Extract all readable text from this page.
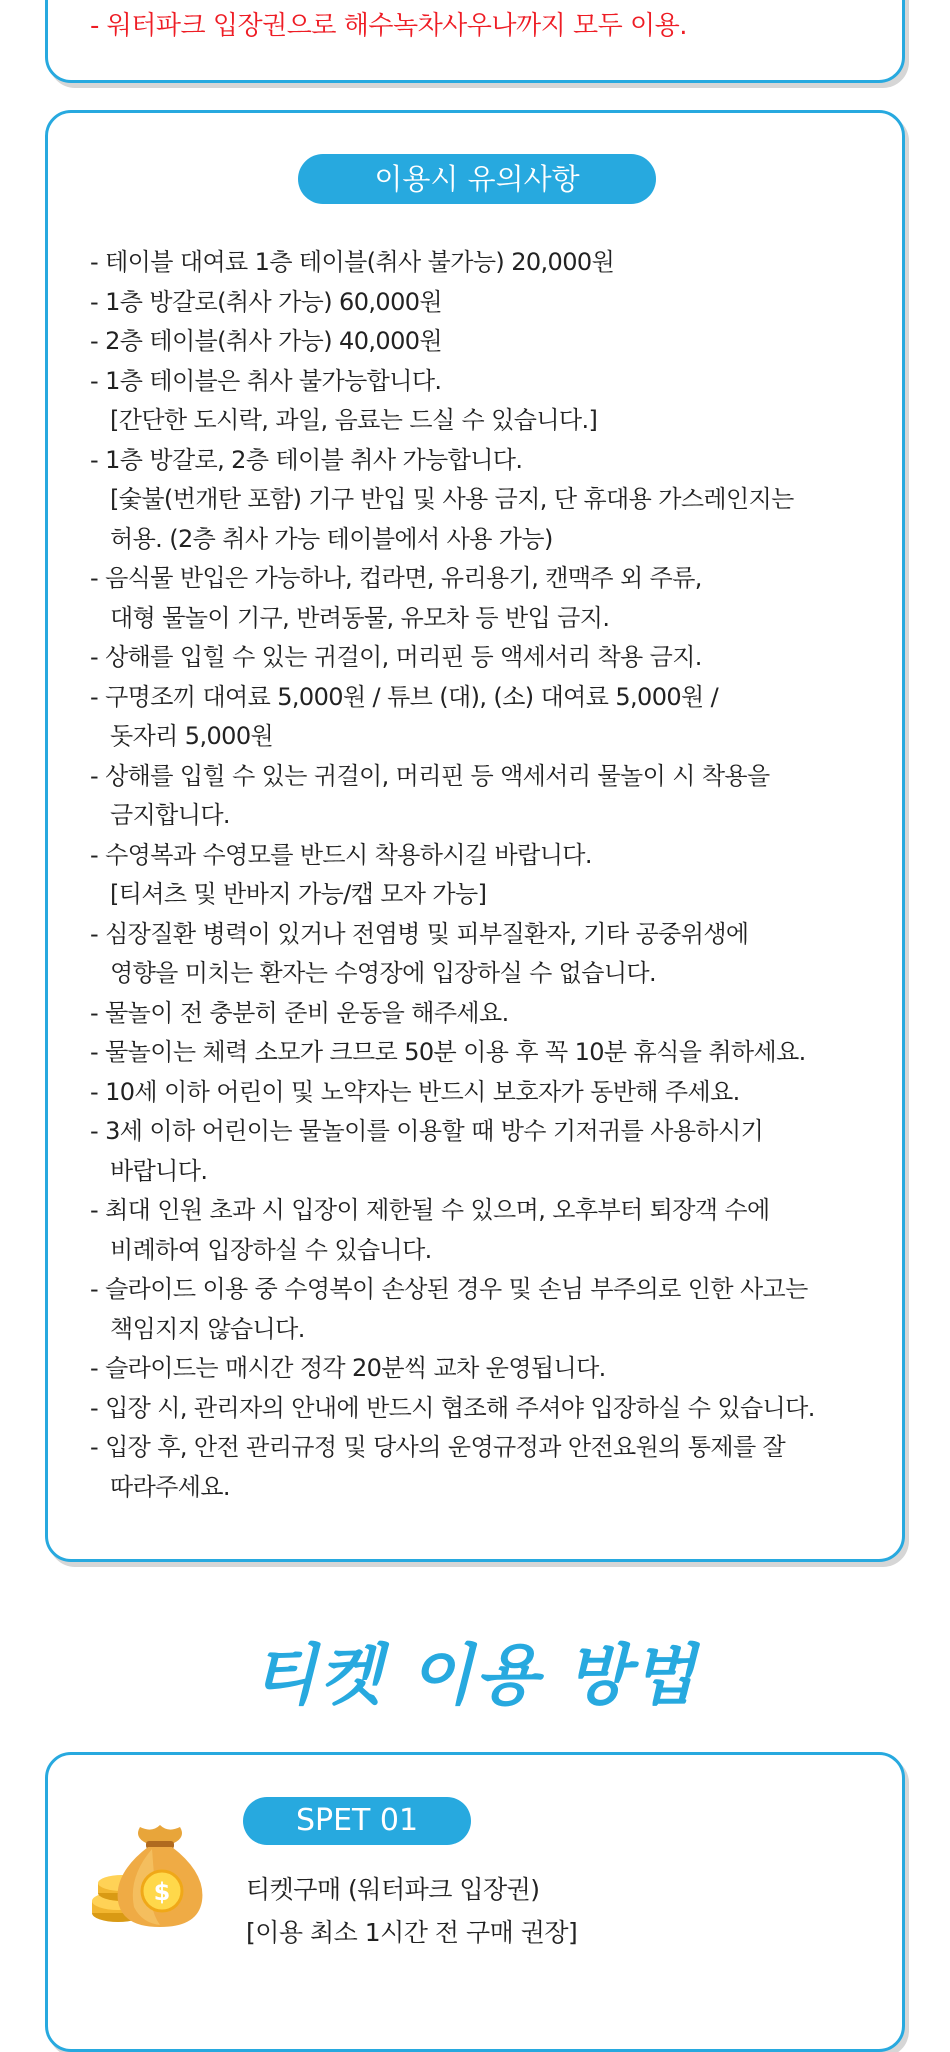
- 워터파크 입장권으로 해수녹차사우나까지 모두 이용.
이용시 유의사항
- 테이블 대여료 1층 테이블(취사 불가능) 20,000원
- 1층 방갈로(취사 가능) 60,000원
- 2층 테이블(취사 가능) 40,000원
- 1층 테이블은 취사 불가능합니다.
[간단한 도시락, 과일, 음료는 드실 수 있습니다.]
- 1층 방갈로, 2층 테이블 취사 가능합니다.
[숯불(번개탄 포함) 기구 반입 및 사용 금지, 단 휴대용 가스레인지는
허용. (2층 취사 가능 테이블에서 사용 가능)
- 음식물 반입은 가능하나, 컵라면, 유리용기, 캔맥주 외 주류,
대형 물놀이 기구, 반려동물, 유모차 등 반입 금지.
- 상해를 입힐 수 있는 귀걸이, 머리핀 등 액세서리 착용 금지.
- 구명조끼 대여료 5,000원 / 튜브 (대), (소) 대여료 5,000원 /
돗자리 5,000원
- 상해를 입힐 수 있는 귀걸이, 머리핀 등 액세서리 물놀이 시 착용을
금지합니다.
- 수영복과 수영모를 반드시 착용하시길 바랍니다.
[티셔츠 및 반바지 가능/캡 모자 가능]
- 심장질환 병력이 있거나 전염병 및 피부질환자, 기타 공중위생에
영향을 미치는 환자는 수영장에 입장하실 수 없습니다.
- 물놀이 전 충분히 준비 운동을 해주세요.
- 물놀이는 체력 소모가 크므로 50분 이용 후 꼭 10분 휴식을 취하세요.
- 10세 이하 어린이 및 노약자는 반드시 보호자가 동반해 주세요.
- 3세 이하 어린이는 물놀이를 이용할 때 방수 기저귀를 사용하시기
바랍니다.
- 최대 인원 초과 시 입장이 제한될 수 있으며, 오후부터 퇴장객 수에
비례하여 입장하실 수 있습니다.
- 슬라이드 이용 중 수영복이 손상된 경우 및 손님 부주의로 인한 사고는
책임지지 않습니다.
- 슬라이드는 매시간 정각 20분씩 교차 운영됩니다.
- 입장 시, 관리자의 안내에 반드시 협조해 주셔야 입장하실 수 있습니다.
- 입장 후, 안전 관리규정 및 당사의 운영규정과 안전요원의 통제를 잘
따라주세요.
티켓 이용 방법
$
SPET 01
티켓구매 (워터파크 입장권)
[이용 최소 1시간 전 구매 권장]
